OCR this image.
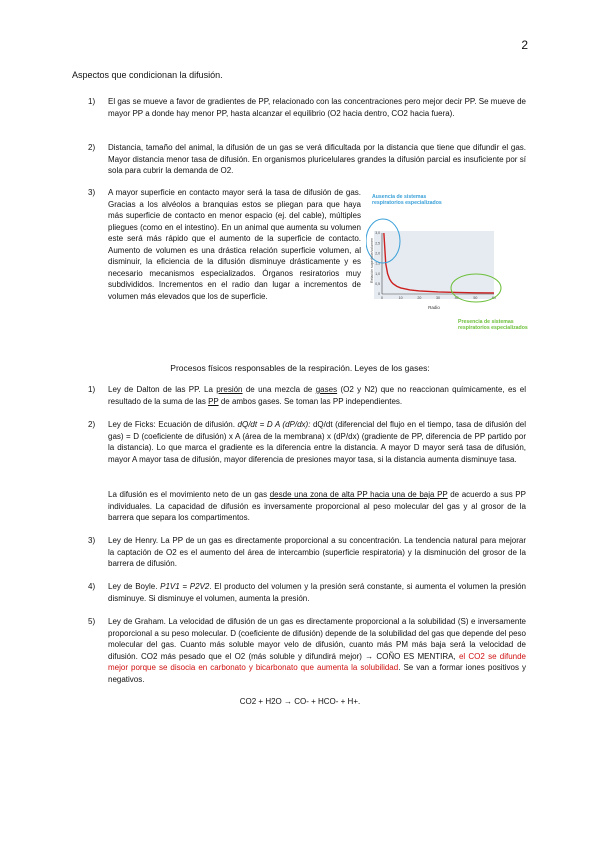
2
Aspectos que condicionan la difusión.
1) El gas se mueve a favor de gradientes de PP, relacionado con las concentraciones pero mejor decir PP. Se mueve de mayor PP a donde hay menor PP, hasta alcanzar el equilibrio (O2 hacia dentro, CO2 hacia fuera).
2) Distancia, tamaño del animal, la difusión de un gas se verá dificultada por la distancia que tiene que difundir el gas. Mayor distancia menor tasa de difusión. En organismos pluricelulares grandes la difusión parcial es insuficiente por sí sola para cubrir la demanda de O2.
3) A mayor superficie en contacto mayor será la tasa de difusión de gas. Gracias a los alvéolos a branquias estos se pliegan para que haya más superficie de contacto en menor espacio (ej. del cable), múltiples pliegues (como en el intestino). En un animal que aumenta su volumen este será más rápido que el aumento de la superficie de contacto. Aumento de volumen es una drástica relación superficie volumen, al disminuir, la eficiencia de la difusión disminuye drásticamente y es necesario mecanismos especializados. Órganos resiratorios muy subdivididos. Incrementos en el radio dan lugar a incrementos de volumen más elevados que los de superficie.	0
0,5
1,0
1,5
2,0
2,5
3,0
0	10	20	30	40	50	60
Relación superficie/volumen
Radio
Ausencia de sistemas respiratorios especializados
Presencia de sistemas respiratorios especializados
Procesos físicos responsables de la respiración. Leyes de los gases:
1) Ley de Dalton de las PP. La presión de una mezcla de gases (O2 y N2) que no reaccionan químicamente, es el resultado de la suma de las PP de ambos gases. Se toman las PP independientes.
2) Ley de Ficks: Ecuación de difusión. dQ/dt = D A (dP/dx): dQ/dt (diferencial del flujo en el tiempo, tasa de difusión del gas) = D (coeficiente de difusión) x A (área de la membrana) x (dP/dx) (gradiente de PP, diferencia de PP partido por la distancia). Lo que marca el gradiente es la diferencia entre la distancia. A mayor D mayor será tasa de difusión, mayor A mayor tasa de difusión, mayor diferencia de presiones mayor tasa, si la distancia aumenta disminuye tasa.
La difusión es el movimiento neto de un gas desde una zona de alta PP hacia una de baja PP de acuerdo a sus PP individuales. La capacidad de difusión es inversamente proporcional al peso molecular del gas y al grosor de la barrera que separa los compartimentos.
3) Ley de Henry. La PP de un gas es directamente proporcional a su concentración. La tendencia natural para mejorar la captación de O2 es el aumento del área de intercambio (superficie respiratoria) y la disminución del grosor de la barrera de difusión.
4) Ley de Boyle. P1V1 = P2V2. El producto del volumen y la presión será constante, si aumenta el volumen la presión disminuye. Si disminuye el volumen, aumenta la presión.
5) Ley de Graham. La velocidad de difusión de un gas es directamente proporcional a la solubilidad (S) e inversamente proporcional a su peso molecular. D (coeficiente de difusión) depende de la solubilidad del gas que depende del peso molecular del gas. Cuanto más soluble mayor velo de difusión, cuanto más PM más baja será la velocidad de difusión. CO2 más pesado que el O2 (más soluble y difundirá mejor) → COÑO ES MENTIRA, el CO2 se difunde mejor porque se disocia en carbonato y bicarbonato que aumenta la solubilidad. Se van a formar iones positivos y negativos.
CO2 + H2O → CO- + HCO- + H+.
